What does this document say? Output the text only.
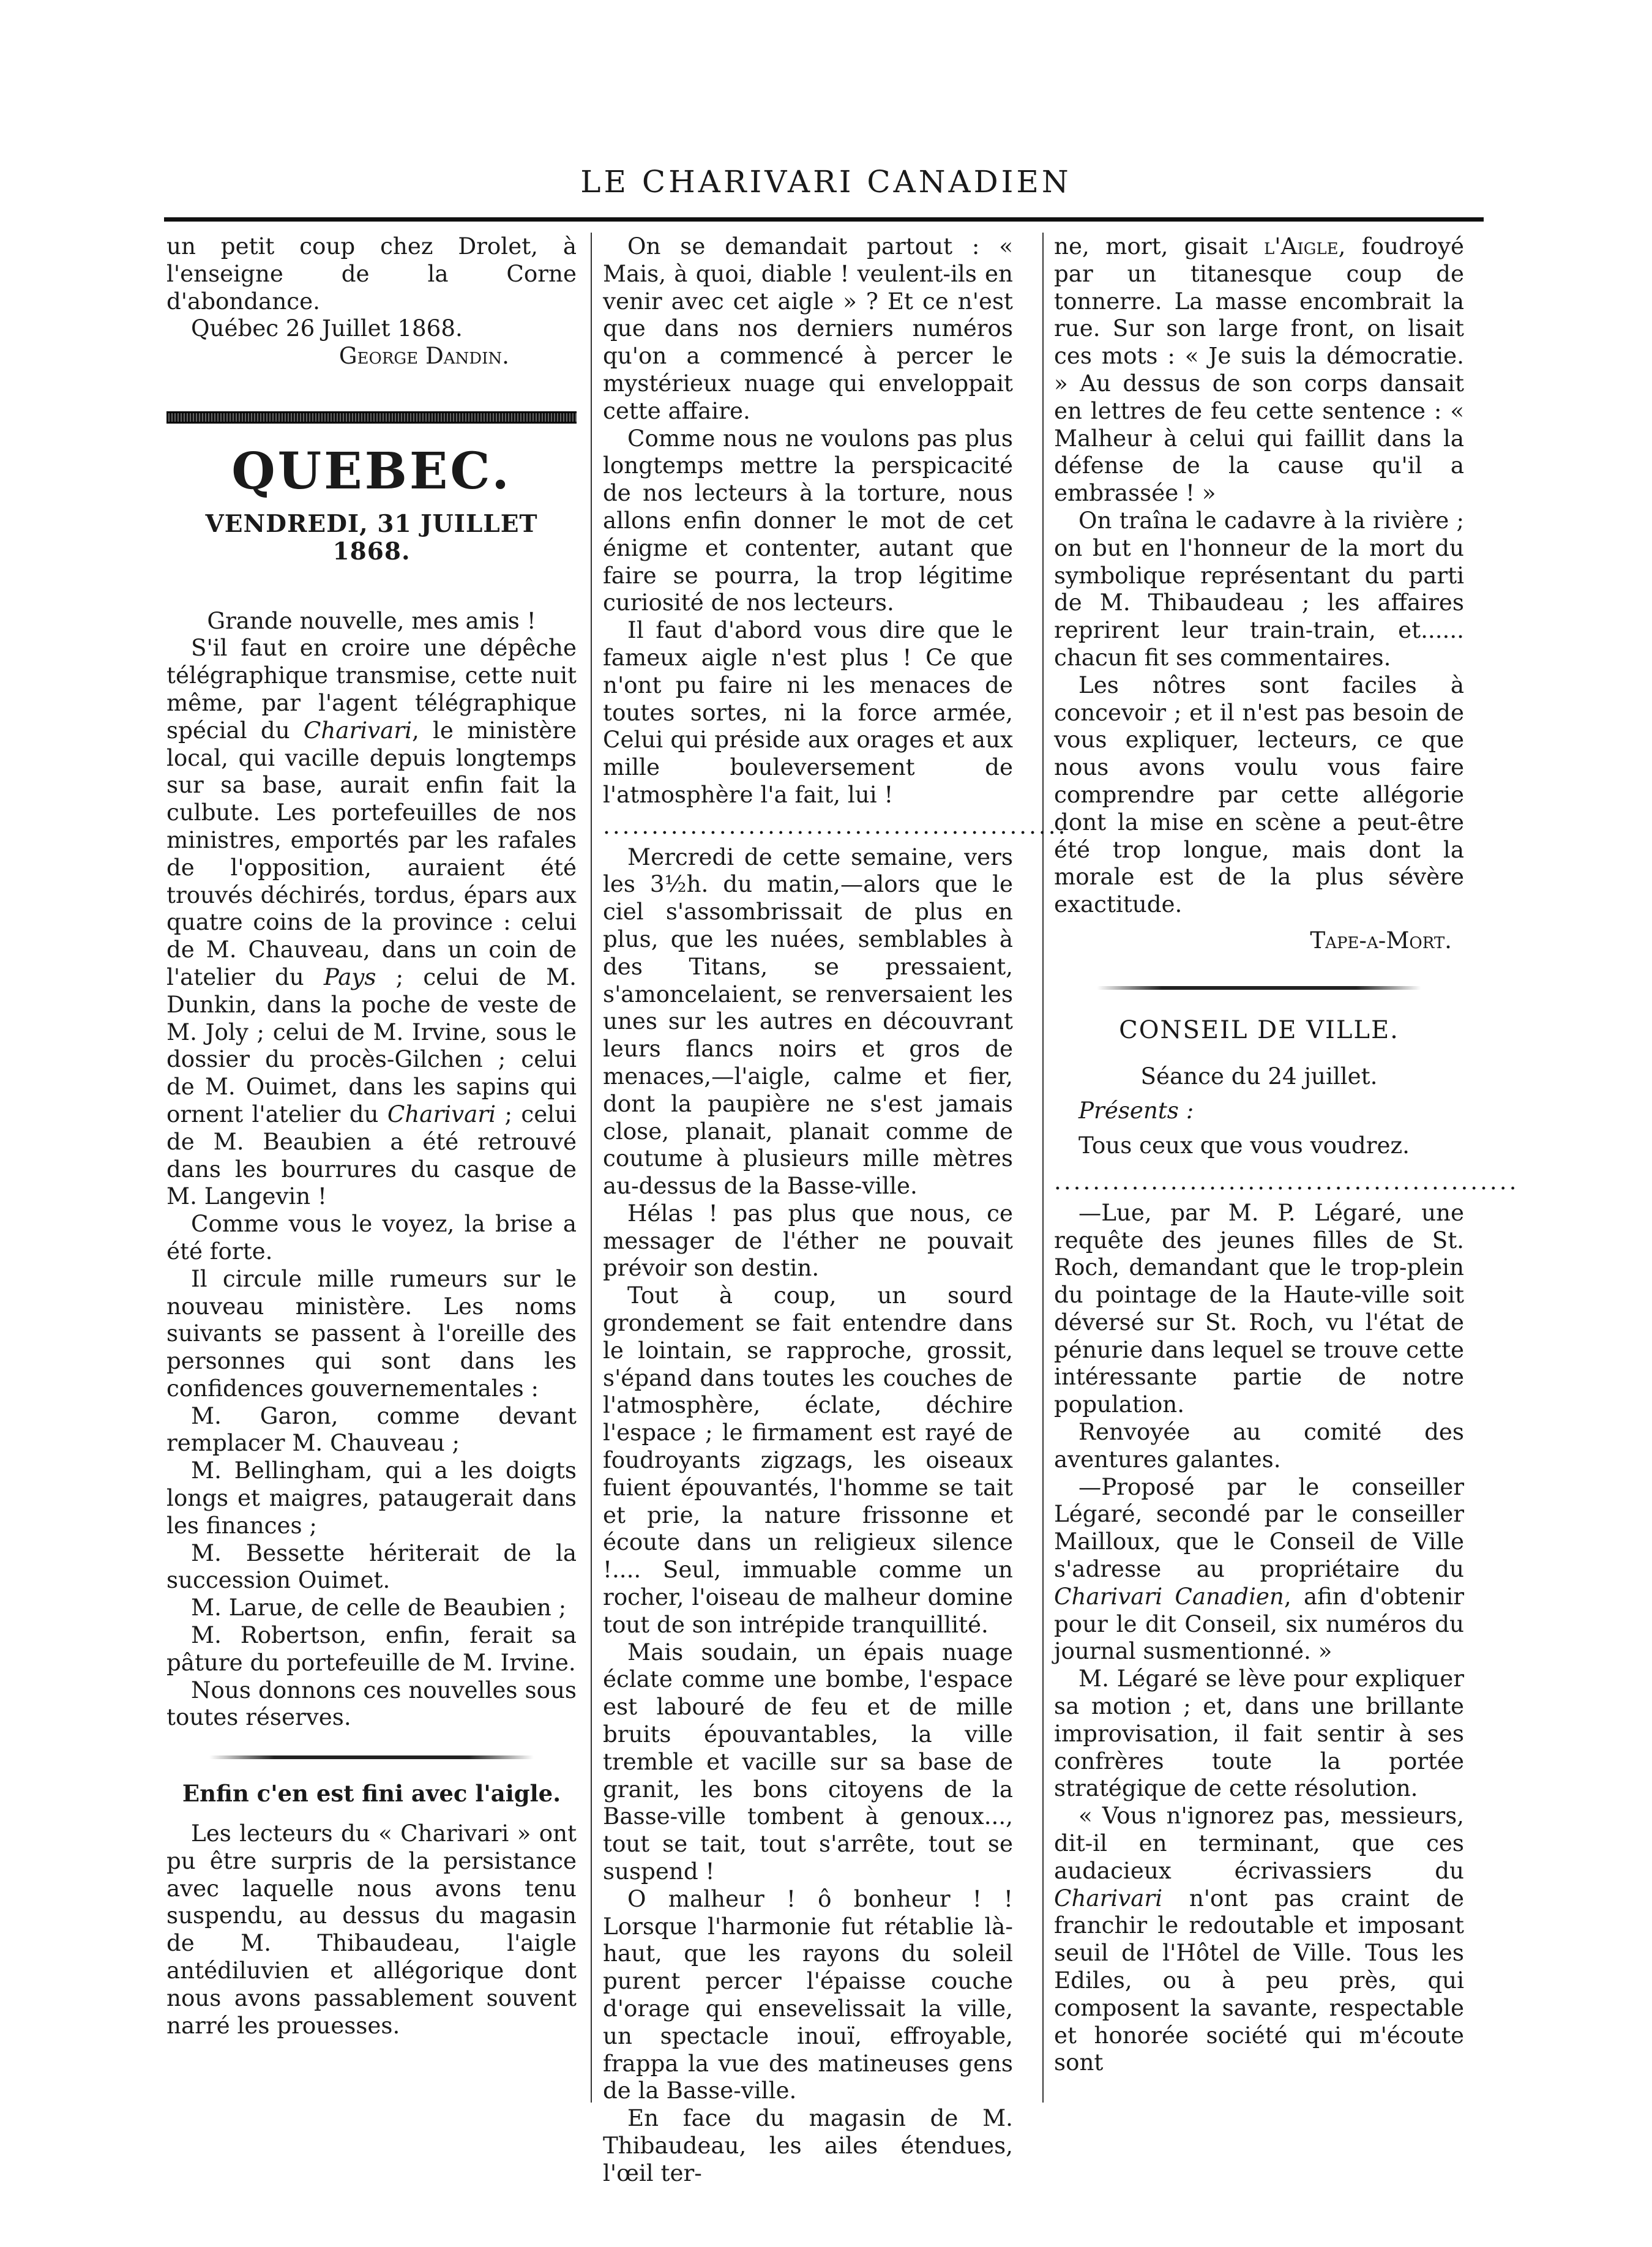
LE CHARIVARI CANADIEN

un petit coup chez Drolet, à l'enseigne de la Corne d'abondance.

Québec 26 Juillet 1868.

George Dandin.

QUEBEC.
VENDREDI, 31 JUILLET 1868.

Grande nouvelle, mes amis !

S'il faut en croire une dépêche télégraphique transmise, cette nuit même, par l'agent télégraphique spécial du Charivari, le ministère local, qui vacille depuis longtemps sur sa base, aurait enfin fait la culbute. Les portefeuilles de nos ministres, emportés par les rafales de l'opposition, auraient été trouvés déchirés, tordus, épars aux quatre coins de la province : celui de M. Chauveau, dans un coin de l'atelier du Pays ; celui de M. Dunkin, dans la poche de veste de M. Joly ; celui de M. Irvine, sous le dossier du procès-Gilchen ; celui de M. Ouimet, dans les sapins qui ornent l'atelier du Charivari ; celui de M. Beaubien a été retrouvé dans les bourrures du casque de M. Langevin !

Comme vous le voyez, la brise a été forte.

Il circule mille rumeurs sur le nouveau ministère. Les noms suivants se passent à l'oreille des personnes qui sont dans les confidences gouvernementales :

M. Garon, comme devant remplacer M. Chauveau ;

M. Bellingham, qui a les doigts longs et maigres, pataugerait dans les finances ;

M. Bessette hériterait de la succession Ouimet.

M. Larue, de celle de Beaubien ;

M. Robertson, enfin, ferait sa pâture du portefeuille de M. Irvine.

Nous donnons ces nouvelles sous toutes réserves.

Enfin c'en est fini avec l'aigle.

Les lecteurs du « Charivari » ont pu être surpris de la persistance avec laquelle nous avons tenu suspendu, au dessus du magasin de M. Thibaudeau, l'aigle antédiluvien et allégorique dont nous avons passablement souvent narré les prouesses.

On se demandait partout : « Mais, à quoi, diable ! veulent-ils en venir avec cet aigle » ? Et ce n'est que dans nos derniers numéros qu'on a commencé à percer le mystérieux nuage qui enveloppait cette affaire.

Comme nous ne voulons pas plus longtemps mettre la perspicacité de nos lecteurs à la torture, nous allons enfin donner le mot de cet énigme et contenter, autant que faire se pourra, la trop légitime curiosité de nos lecteurs.

Il faut d'abord vous dire que le fameux aigle n'est plus ! Ce que n'ont pu faire ni les menaces de toutes sortes, ni la force armée, Celui qui préside aux orages et aux mille bouleversement de l'atmosphère l'a fait, lui !

................................................

Mercredi de cette semaine, vers les 3½h. du matin,—alors que le ciel s'assombrissait de plus en plus, que les nuées, semblables à des Titans, se pressaient, s'amoncelaient, se renversaient les unes sur les autres en découvrant leurs flancs noirs et gros de menaces,—l'aigle, calme et fier, dont la paupière ne s'est jamais close, planait, planait comme de coutume à plusieurs mille mètres au-dessus de la Basse-ville.

Hélas ! pas plus que nous, ce messager de l'éther ne pouvait prévoir son destin.

Tout à coup, un sourd grondement se fait entendre dans le lointain, se rapproche, grossit, s'épand dans toutes les couches de l'atmosphère, éclate, déchire l'espace ; le firmament est rayé de foudroyants zigzags, les oiseaux fuient épouvantés, l'homme se tait et prie, la nature frissonne et écoute dans un religieux silence !.... Seul, immuable comme un rocher, l'oiseau de malheur domine tout de son intrépide tranquillité.

Mais soudain, un épais nuage éclate comme une bombe, l'espace est labouré de feu et de mille bruits épouvantables, la ville tremble et vacille sur sa base de granit, les bons citoyens de la Basse-ville tombent à genoux..., tout se tait, tout s'arrête, tout se suspend !

O malheur ! ô bonheur ! ! Lorsque l'harmonie fut rétablie là-haut, que les rayons du soleil purent percer l'épaisse couche d'orage qui ensevelissait la ville, un spectacle inouï, effroyable, frappa la vue des matineuses gens de la Basse-ville.

En face du magasin de M. Thibaudeau, les ailes étendues, l'œil ter-

ne, mort, gisait l'Aigle, foudroyé par un titanesque coup de tonnerre. La masse encombrait la rue. Sur son large front, on lisait ces mots : « Je suis la démocratie. » Au dessus de son corps dansait en lettres de feu cette sentence : « Malheur à celui qui faillit dans la défense de la cause qu'il a embrassée ! »

On traîna le cadavre à la rivière ; on but en l'honneur de la mort du symbolique représentant du parti de M. Thibaudeau ; les affaires reprirent leur train-train, et...... chacun fit ses commentaires.

Les nôtres sont faciles à concevoir ; et il n'est pas besoin de vous expliquer, lecteurs, ce que nous avons voulu vous faire comprendre par cette allégorie dont la mise en scène a peut-être été trop longue, mais dont la morale est de la plus sévère exactitude.

Tape-a-Mort.

CONSEIL DE VILLE.

Séance du 24 juillet.

Présents :

Tous ceux que vous voudrez.

................................................

—Lue, par M. P. Légaré, une requête des jeunes filles de St. Roch, demandant que le trop-plein du pointage de la Haute-ville soit déversé sur St. Roch, vu l'état de pénurie dans lequel se trouve cette intéressante partie de notre population.

Renvoyée au comité des aventures galantes.

—Proposé par le conseiller Légaré, secondé par le conseiller Mailloux, que le Conseil de Ville s'adresse au propriétaire du Charivari Canadien, afin d'obtenir pour le dit Conseil, six numéros du journal susmentionné. »

M. Légaré se lève pour expliquer sa motion ; et, dans une brillante improvisation, il fait sentir à ses confrères toute la portée stratégique de cette résolution.

« Vous n'ignorez pas, messieurs, dit-il en terminant, que ces audacieux écrivassiers du Charivari n'ont pas craint de franchir le redoutable et imposant seuil de l'Hôtel de Ville. Tous les Ediles, ou à peu près, qui composent la savante, respectable et honorée société qui m'écoute sont
